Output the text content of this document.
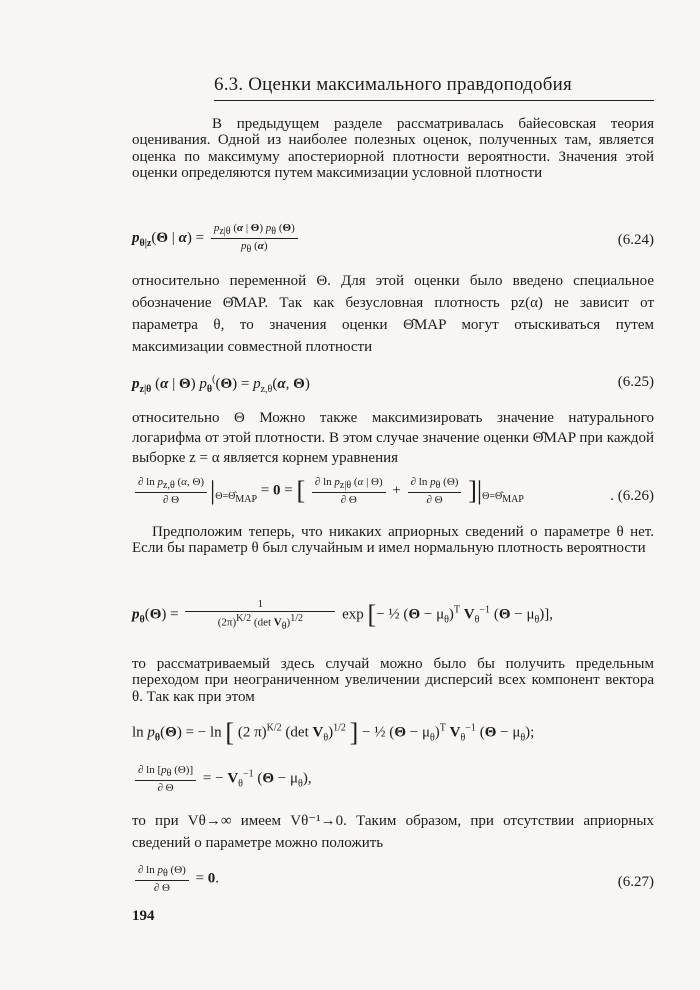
6.3. Оценки максимального правдоподобия

В предыдущем разделе рассматривалась байесовская теория оценивания. Одной из наиболее полезных оценок, полученных там, является оценка по максимуму апостериорной плотности вероятности. Значения этой оценки определяются путем максимизации условной плотности

$p_{\theta|z}(\Theta$ | $\alpha) = \frac{p_{z|\theta} (\alpha | \Theta) p_\theta (\Theta)}{p_\theta (\alpha)}$	(6.24)

относительно переменной Θ. Для этой оценки было введено специальное обозначение Θ̂MAP. Так как безусловная плотность pz(α) не зависит от параметра θ, то значения оценки Θ̂MAP могут отыскиваться путем максимизации совместной плотности

$p_{z|\theta}$ (α | Θ) $p_\theta^((\Theta) = p_{z,\theta}(\alpha$, Θ)	(6.25)

относительно Θ Можно также максимизировать значение натурального логарифма от этой плотности. В этом случае значение оценки Θ̂MAP при каждой выборке z = α является корнем уравнения

$\frac{\partial \ln p_{z,\theta} (\alpha, \Theta)}{\partial \Theta} |_{\Theta=\Thetâ_{MAP}} = 0$ = [ $\frac{\partial \ln p_{z|\theta} (\alpha | \Theta)}{\partial \Theta} + \frac{\partial \ln p_\theta (\Theta)}{\partial \Theta} ]|_{\Theta=\Thetâ_{MAP}}$	. (6.26)

Предположим теперь, что никаких априорных сведений о параметре θ нет. Если бы параметр θ был случайным и имел нормальную плотность вероятности

$p_\theta(\Theta) = \frac{1}{(2\pi)^{K/2} (\det V_\theta)^{1/2}}$ exp [− ½ $(\Theta - \mu_\theta)^T$ $V_\theta^{-1}$ $(\Theta - \mu_\theta)$],

то рассматриваемый здесь случай можно было бы получить предельным переходом при неограниченном увеличении дисперсий всех компонент вектора θ. Так как при этом

$\ln p_\theta(\Theta)$ = − ln [ (2 π)$^{K/2}$ (det $V_\theta)^{1/2}$ ] − ½ $(\Theta - \mu_\theta)^T$ $V_\theta^{-1}$ $(\Theta - \mu_\theta)$;
$\frac{\partial \ln [p_\theta (\Theta)]}{\partial \Theta}$ = − $V_\theta^{-1}$ $(\Theta - \mu_\theta)$,

то при Vθ→∞ имеем Vθ⁻¹→0. Таким образом, при отсутствии априорных сведений о параметре можно положить

$\frac{\partial \ln p_\theta (\Theta)}{\partial \Theta} = 0$.	(6.27)
194
